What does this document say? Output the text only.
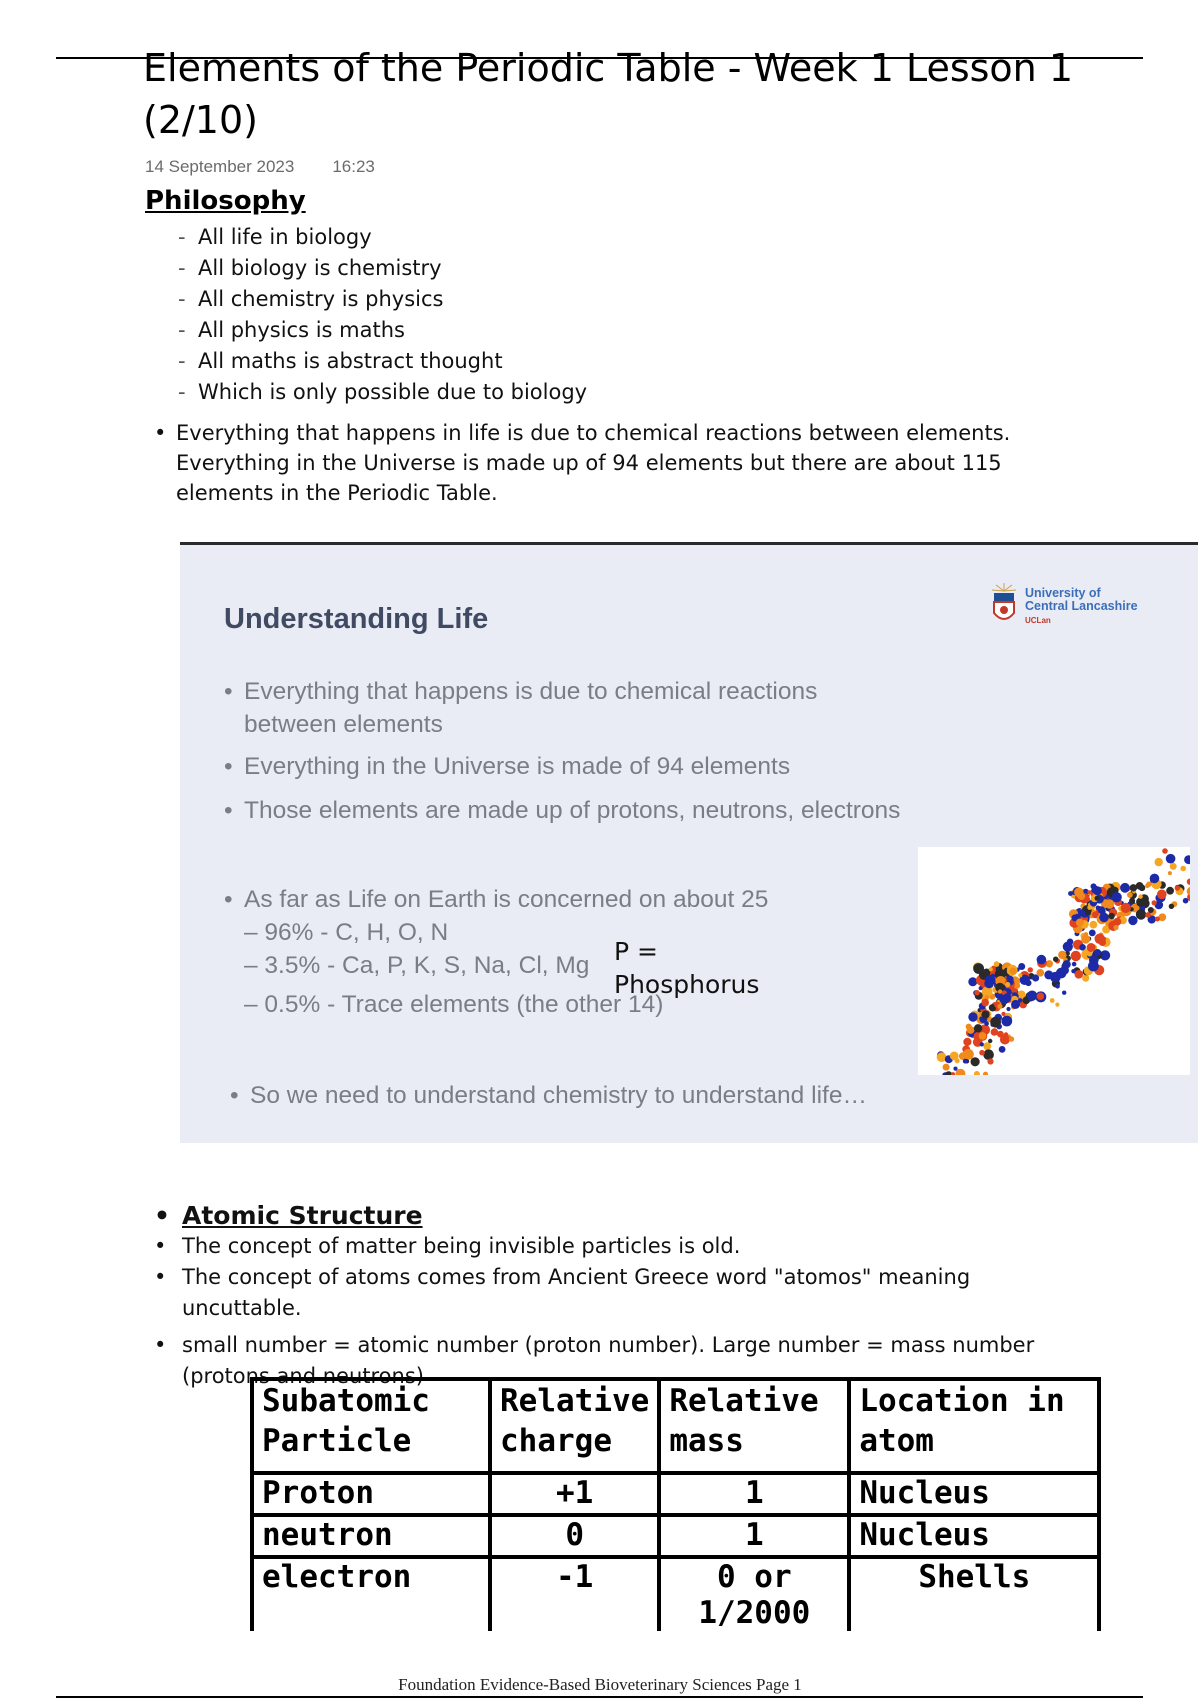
Elements of the Periodic Table - Week 1 Lesson 1
(2/10)
14 September 2023 16:23
Philosophy
- All life in biology
- All biology is chemistry
- All chemistry is physics
- All physics is maths
- All maths is abstract thought
- Which is only possible due to biology
• Everything that happens in life is due to chemical reactions between elements.
Everything in the Universe is made up of 94 elements but there are about 115
elements in the Periodic Table.
Understanding Life
University of
Central Lancashire
UCLan
• Everything that happens is due to chemical reactions
between elements
• Everything in the Universe is made of 94 elements
• Those elements are made up of protons, neutrons, electrons
• As far as Life on Earth is concerned on about 25
– 96% - C, H, O, N
– 3.5% - Ca, P, K, S, Na, Cl, Mg
– 0.5% - Trace elements (the other 14)
P = Phosphorus
• So we need to understand chemistry to understand life…
• Atomic Structure
• The concept of matter being invisible particles is old.
• The concept of atoms comes from Ancient Greece word "atomos" meaning uncuttable.
• small number = atomic number (proton number). Large number = mass number
(protons and neutrons)
Subatomic Particle	Relative charge	Relative mass	Location in atom
Proton	+1	1	Nucleus
neutron	0	1	Nucleus
electron	-1	0 or 1/2000	Shells
Foundation Evidence-Based Bioveterinary Sciences Page 1
